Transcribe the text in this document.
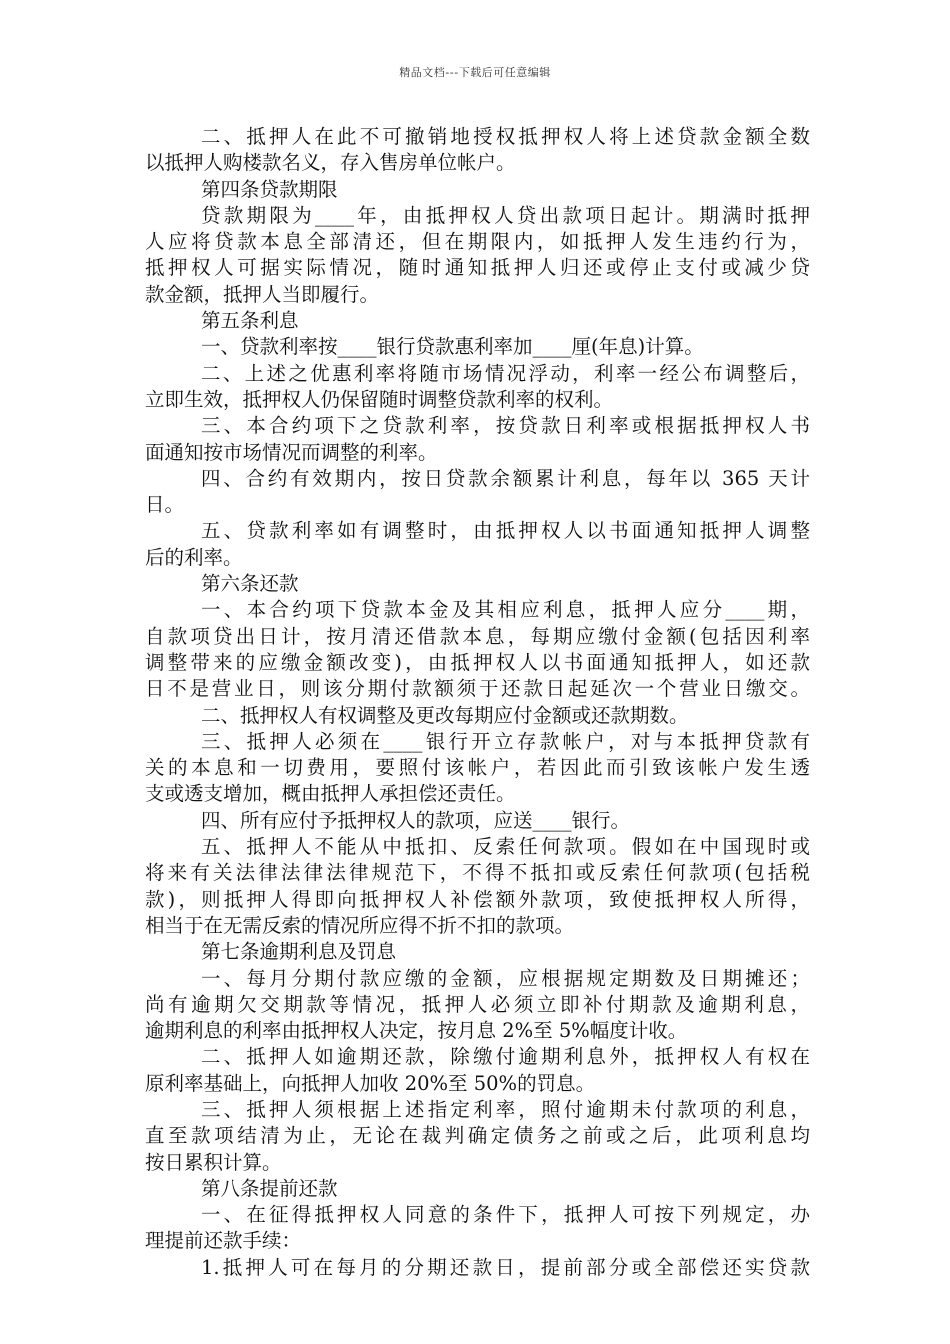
精品文档---下载后可任意编辑
二、抵押人在此不可撤销地授权抵押权人将上述贷款金额全数
以抵押人购楼款名义，存入售房单位帐户。
第四条贷款期限
贷款期限为____年，由抵押权人贷出款项日起计。期满时抵押
人应将贷款本息全部清还，但在期限内，如抵押人发生违约行为，
抵押权人可据实际情况，随时通知抵押人归还或停止支付或减少贷
款金额，抵押人当即履行。
第五条利息
一、贷款利率按____银行贷款惠利率加____厘(年息)计算。
二、上述之优惠利率将随市场情况浮动，利率一经公布调整后，
立即生效，抵押权人仍保留随时调整贷款利率的权利。
三、本合约项下之贷款利率，按贷款日利率或根据抵押权人书
面通知按市场情况而调整的利率。
四、合约有效期内，按日贷款余额累计利息，每年以 365 天计
日。
五、贷款利率如有调整时，由抵押权人以书面通知抵押人调整
后的利率。
第六条还款
一、本合约项下贷款本金及其相应利息，抵押人应分____期，
自款项贷出日计，按月清还借款本息，每期应缴付金额(包括因利率
调整带来的应缴金额改变)，由抵押权人以书面通知抵押人，如还款
日不是营业日，则该分期付款额须于还款日起延次一个营业日缴交。
二、抵押权人有权调整及更改每期应付金额或还款期数。
三、抵押人必须在____银行开立存款帐户，对与本抵押贷款有
关的本息和一切费用，要照付该帐户，若因此而引致该帐户发生透
支或透支增加，概由抵押人承担偿还责任。
四、所有应付予抵押权人的款项，应送____银行。
五、抵押人不能从中抵扣、反索任何款项。假如在中国现时或
将来有关法律法律法律规范下，不得不抵扣或反索任何款项(包括税
款)，则抵押人得即向抵押权人补偿额外款项，致使抵押权人所得，
相当于在无需反索的情况所应得不折不扣的款项。
第七条逾期利息及罚息
一、每月分期付款应缴的金额，应根据规定期数及日期摊还；
尚有逾期欠交期款等情况，抵押人必须立即补付期款及逾期利息，
逾期利息的利率由抵押权人决定，按月息 2%至 5%幅度计收。
二、抵押人如逾期还款，除缴付逾期利息外，抵押权人有权在
原利率基础上，向抵押人加收 20%至 50%的罚息。
三、抵押人须根据上述指定利率，照付逾期未付款项的利息，
直至款项结清为止，无论在裁判确定债务之前或之后，此项利息均
按日累积计算。
第八条提前还款
一、在征得抵押权人同意的条件下，抵押人可按下列规定，办
理提前还款手续：
1.抵押人可在每月的分期还款日，提前部分或全部偿还实贷款
